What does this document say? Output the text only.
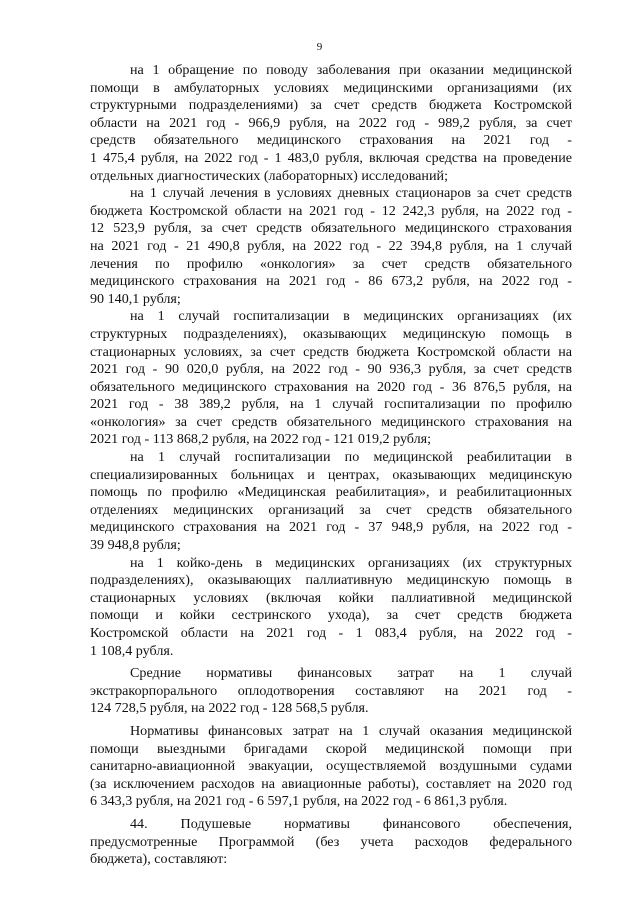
9
на 1 обращение по поводу заболевания при оказании медицинской
помощи в амбулаторных условиях медицинскими организациями (их
структурными подразделениями) за счет средств бюджета Костромской
области на 2021 год - 966,9 рубля, на 2022 год - 989,2 рубля, за счет
средств обязательного медицинского страхования на 2021 год -
1 475,4 рубля, на 2022 год - 1 483,0 рубля, включая средства на проведение
отдельных диагностических (лабораторных) исследований;
на 1 случай лечения в условиях дневных стационаров за счет средств
бюджета Костромской области на 2021 год - 12 242,3 рубля, на 2022 год -
12 523,9 рубля, за счет средств обязательного медицинского страхования
на 2021 год - 21 490,8 рубля, на 2022 год - 22 394,8 рубля, на 1 случай
лечения по профилю «онкология» за счет средств обязательного
медицинского страхования на 2021 год - 86 673,2 рубля, на 2022 год -
90 140,1 рубля;
на 1 случай госпитализации в медицинских организациях (их
структурных подразделениях), оказывающих медицинскую помощь в
стационарных условиях, за счет средств бюджета Костромской области на
2021 год - 90 020,0 рубля, на 2022 год - 90 936,3 рубля, за счет средств
обязательного медицинского страхования на 2020 год - 36 876,5 рубля, на
2021 год - 38 389,2 рубля, на 1 случай госпитализации по профилю
«онкология» за счет средств обязательного медицинского страхования на
2021 год - 113 868,2 рубля, на 2022 год - 121 019,2 рубля;
на 1 случай госпитализации по медицинской реабилитации в
специализированных больницах и центрах, оказывающих медицинскую
помощь по профилю «Медицинская реабилитация», и реабилитационных
отделениях медицинских организаций за счет средств обязательного
медицинского страхования на 2021 год - 37 948,9 рубля, на 2022 год -
39 948,8 рубля;
на 1 койко-день в медицинских организациях (их структурных
подразделениях), оказывающих паллиативную медицинскую помощь в
стационарных условиях (включая койки паллиативной медицинской
помощи и койки сестринского ухода), за счет средств бюджета
Костромской области на 2021 год - 1 083,4 рубля, на 2022 год -
1 108,4 рубля.
Средние нормативы финансовых затрат на 1 случай
экстракорпорального оплодотворения составляют на 2021 год -
124 728,5 рубля, на 2022 год - 128 568,5 рубля.
Нормативы финансовых затрат на 1 случай оказания медицинской
помощи выездными бригадами скорой медицинской помощи при
санитарно-авиационной эвакуации, осуществляемой воздушными судами
(за исключением расходов на авиационные работы), составляет на 2020 год
6 343,3 рубля, на 2021 год - 6 597,1 рубля, на 2022 год - 6 861,3 рубля.
44. Подушевые нормативы финансового обеспечения,
предусмотренные Программой (без учета расходов федерального
бюджета), составляют:
